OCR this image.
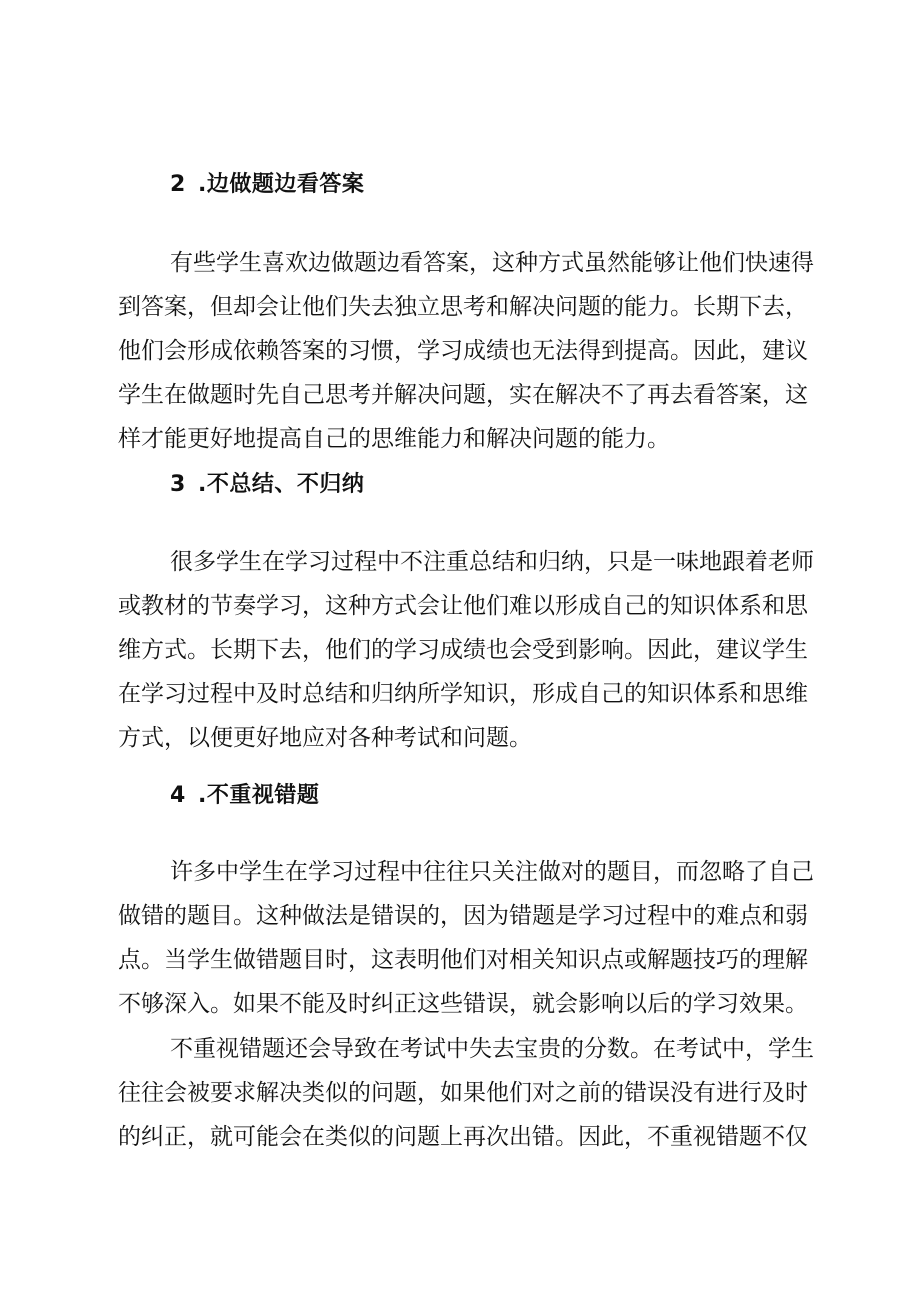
2 .边做题边看答案
有些学生喜欢边做题边看答案，这种方式虽然能够让他们快速得
到答案，但却会让他们失去独立思考和解决问题的能力。长期下去，
他们会形成依赖答案的习惯，学习成绩也无法得到提高。因此，建议
学生在做题时先自己思考并解决问题，实在解决不了再去看答案，这
样才能更好地提高自己的思维能力和解决问题的能力。
3 .不总结、不归纳
很多学生在学习过程中不注重总结和归纳，只是一味地跟着老师
或教材的节奏学习，这种方式会让他们难以形成自己的知识体系和思
维方式。长期下去，他们的学习成绩也会受到影响。因此，建议学生
在学习过程中及时总结和归纳所学知识，形成自己的知识体系和思维
方式，以便更好地应对各种考试和问题。
4 .不重视错题
许多中学生在学习过程中往往只关注做对的题目，而忽略了自己
做错的题目。这种做法是错误的，因为错题是学习过程中的难点和弱
点。当学生做错题目时，这表明他们对相关知识点或解题技巧的理解
不够深入。如果不能及时纠正这些错误，就会影响以后的学习效果。
不重视错题还会导致在考试中失去宝贵的分数。在考试中，学生
往往会被要求解决类似的问题，如果他们对之前的错误没有进行及时
的纠正，就可能会在类似的问题上再次出错。因此，不重视错题不仅
